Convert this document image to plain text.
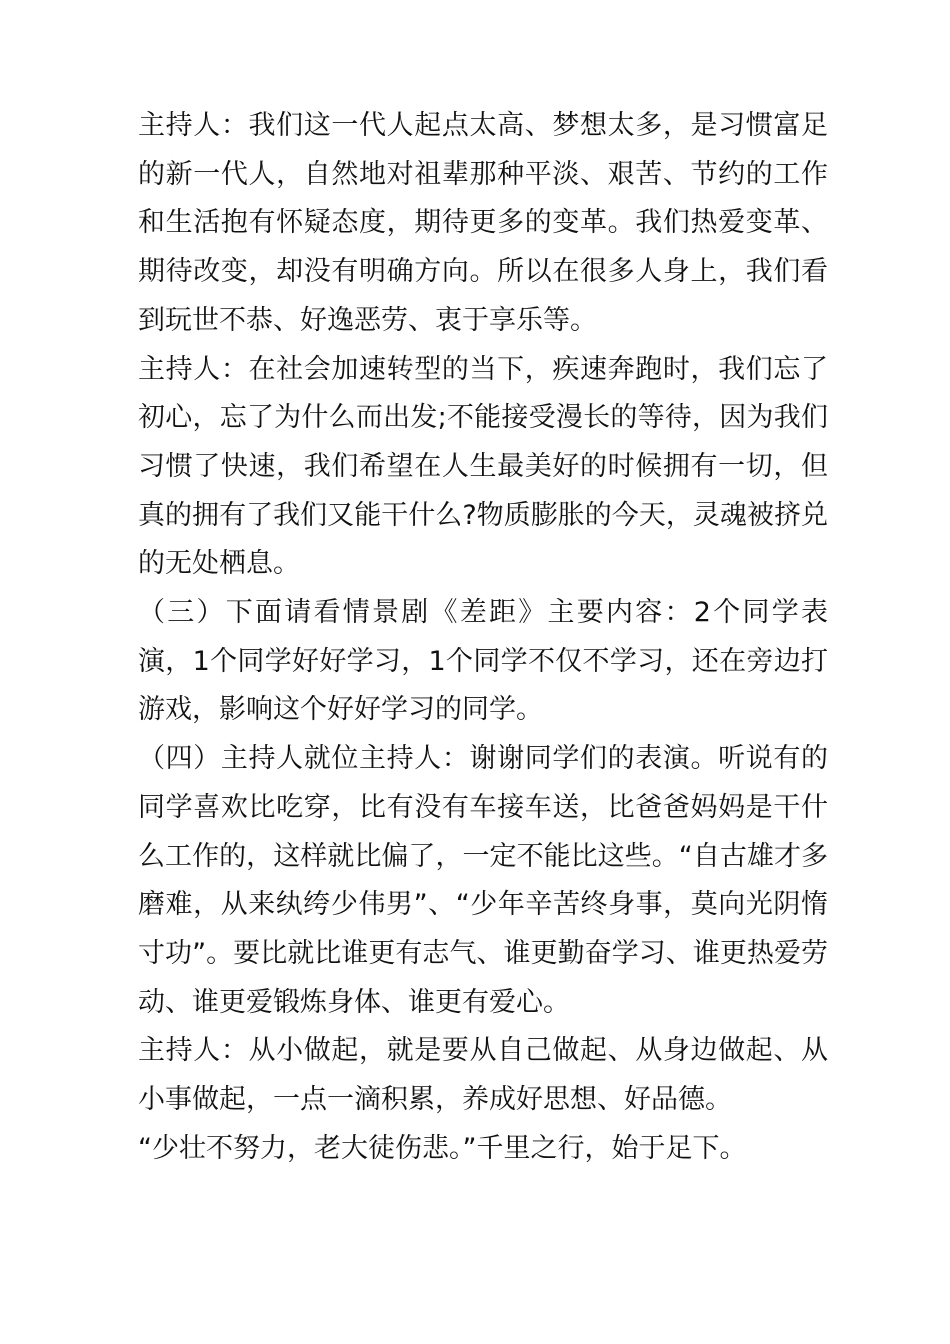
主持人：我们这一代人起点太高、梦想太多，是习惯富足的新一代人，自然地对祖辈那种平淡、艰苦、节约的工作和生活抱有怀疑态度，期待更多的变革。我们热爱变革、期待改变，却没有明确方向。所以在很多人身上，我们看到玩世不恭、好逸恶劳、衷于享乐等。

主持人：在社会加速转型的当下，疾速奔跑时，我们忘了初心，忘了为什么而出发;不能接受漫长的等待，因为我们习惯了快速，我们希望在人生最美好的时候拥有一切，但真的拥有了我们又能干什么?物质膨胀的今天，灵魂被挤兑的无处栖息。

（三）下面请看情景剧《差距》主要内容：2个同学表演，1个同学好好学习，1个同学不仅不学习，还在旁边打游戏，影响这个好好学习的同学。

（四）主持人就位主持人：谢谢同学们的表演。听说有的同学喜欢比吃穿，比有没有车接车送，比爸爸妈妈是干什么工作的，这样就比偏了，一定不能比这些。“自古雄才多磨难，从来纨绔少伟男”、“少年辛苦终身事，莫向光阴惰寸功”。要比就比谁更有志气、谁更勤奋学习、谁更热爱劳动、谁更爱锻炼身体、谁更有爱心。

主持人：从小做起，就是要从自己做起、从身边做起、从小事做起，一点一滴积累，养成好思想、好品德。

“少壮不努力，老大徒伤悲。”千里之行，始于足下。
